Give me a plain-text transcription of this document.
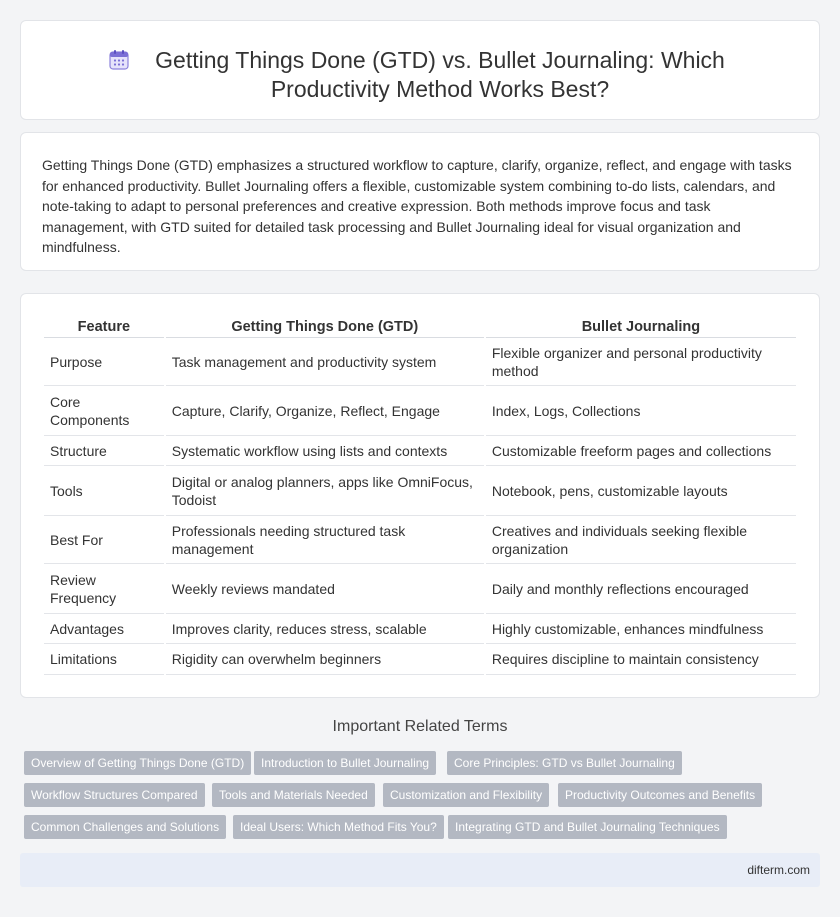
Getting Things Done (GTD) vs. Bullet Journaling: Which Productivity Method Works Best?

Getting Things Done (GTD) emphasizes a structured workflow to capture, clarify, organize, reflect, and engage with tasks for enhanced productivity. Bullet Journaling offers a flexible, customizable system combining to-do lists, calendars, and note-taking to adapt to personal preferences and creative expression. Both methods improve focus and task management, with GTD suited for detailed task processing and Bullet Journaling ideal for visual organization and mindfulness.

Feature	Getting Things Done (GTD)	Bullet Journaling
Purpose	Task management and productivity system	Flexible organizer and personal productivity method
Core Components	Capture, Clarify, Organize, Reflect, Engage	Index, Logs, Collections
Structure	Systematic workflow using lists and contexts	Customizable freeform pages and collections
Tools	Digital or analog planners, apps like OmniFocus, Todoist	Notebook, pens, customizable layouts
Best For	Professionals needing structured task management	Creatives and individuals seeking flexible organization
Review Frequency	Weekly reviews mandated	Daily and monthly reflections encouraged
Advantages	Improves clarity, reduces stress, scalable	Highly customizable, enhances mindfulness
Limitations	Rigidity can overwhelm beginners	Requires discipline to maintain consistency
Important Related Terms
Overview of Getting Things Done (GTD)	Introduction to Bullet Journaling	Core Principles: GTD vs Bullet Journaling
Workflow Structures Compared	Tools and Materials Needed	Customization and Flexibility	Productivity Outcomes and Benefits
Common Challenges and Solutions	Ideal Users: Which Method Fits You?	Integrating GTD and Bullet Journaling Techniques
difterm.com
